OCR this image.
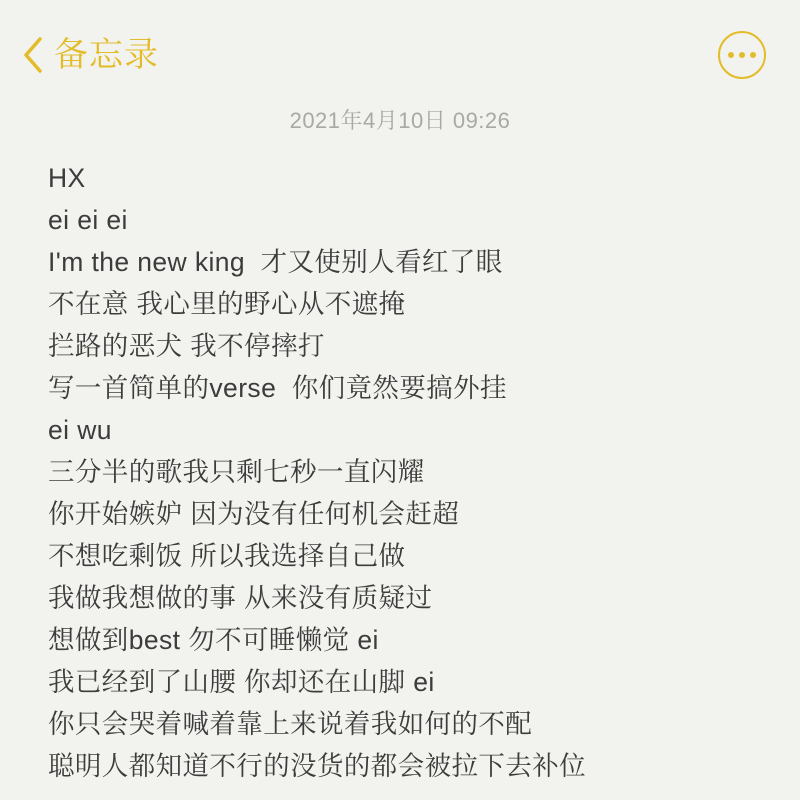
备忘录
2021年4月10日 09:26
HX
ei ei ei
I'm the new king  才又使别人看红了眼
不在意 我心里的野心从不遮掩
拦路的恶犬 我不停摔打
写一首简单的verse  你们竟然要搞外挂
ei wu
三分半的歌我只剩七秒一直闪耀
你开始嫉妒 因为没有任何机会赶超
不想吃剩饭 所以我选择自己做
我做我想做的事 从来没有质疑过
想做到best 勿不可睡懒觉 ei
我已经到了山腰 你却还在山脚 ei
你只会哭着喊着靠上来说着我如何的不配
聪明人都知道不行的没货的都会被拉下去补位
